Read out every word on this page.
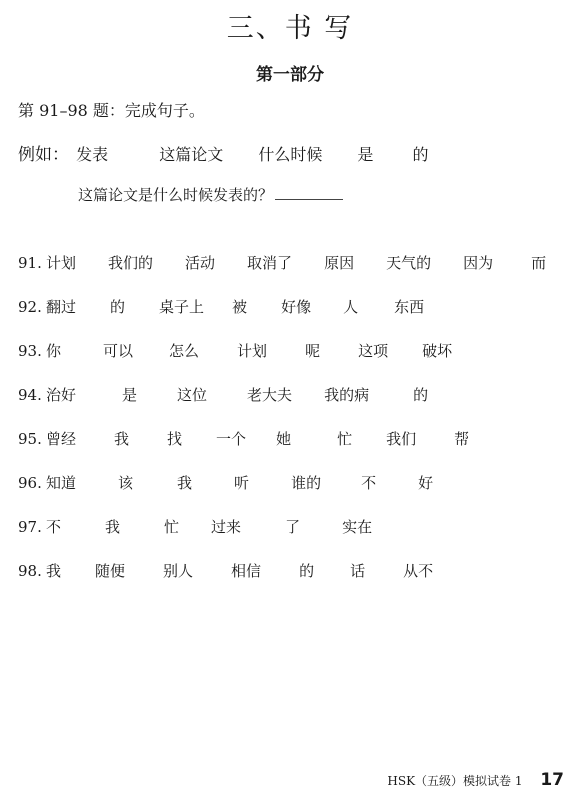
三、书 写
第一部分
第 91–98 题：完成句子。
例如： 发表	这篇论文 什么时候 是 的
这篇论文是什么时候发表的？
91. 计划 我们的 活动 取消了 原因 天气的 因为	而
92. 翻过 的 桌子上 被 好像 人 东西
93. 你	可以 怎么	计划	呢	这项 破坏
94. 治好	是	这位	老大夫 我的病	的
95. 曾经	我	找 一个 她	忙 我们	帮
96. 知道	该	我	听	谁的	不	好
97. 不	我	忙 过来	了	实在
98. 我 随便	别人	相信	的 话	从不
HSK（五级）模拟试卷 1 17
